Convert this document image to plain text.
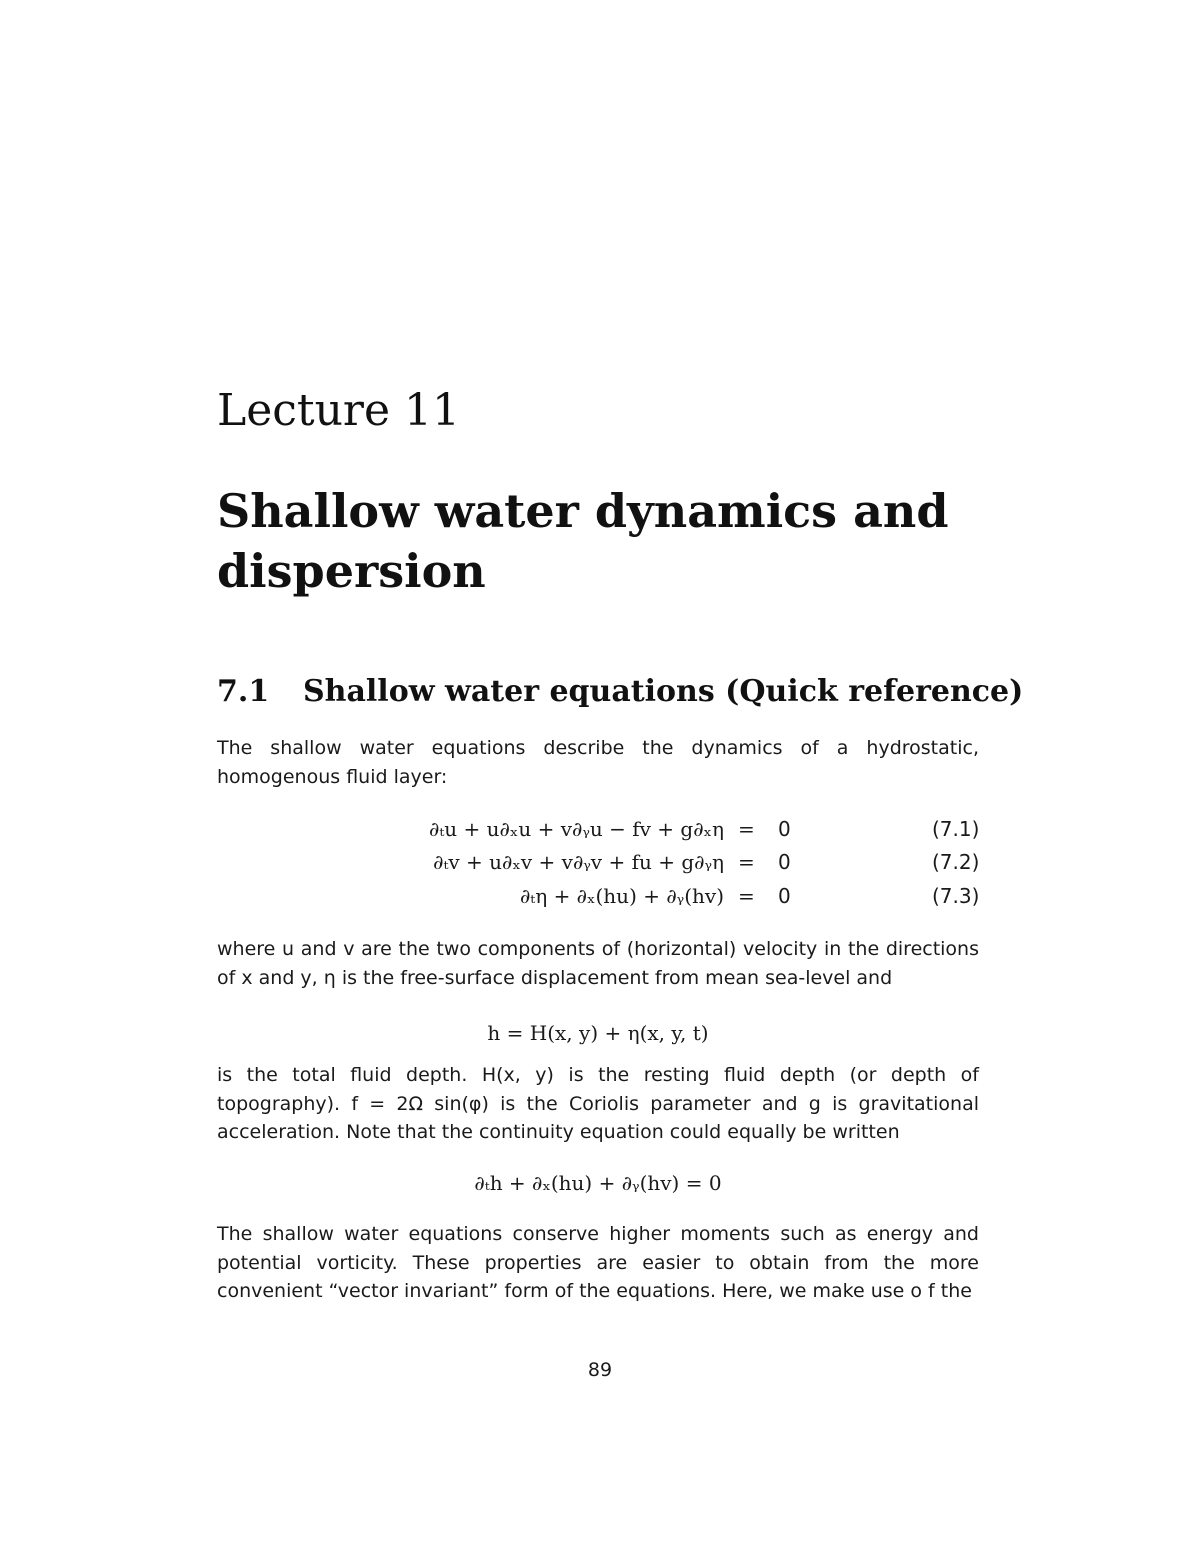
Lecture 11
Shallow water dynamics and dispersion
7.1 Shallow water equations (Quick reference)

The shallow water equations describe the dynamics of a hydrostatic, homogenous fluid layer:

∂ₜu + u∂ₓu + v∂ᵧu − fv + g∂ₓη = 0	(7.1)
∂ₜv + u∂ₓv + v∂ᵧv + fu + g∂ᵧη = 0	(7.2)
∂ₜη + ∂ₓ(hu) + ∂ᵧ(hv) = 0	(7.3)

where u and v are the two components of (horizontal) velocity in the directions of x and y, η is the free-surface displacement from mean sea-level and

h = H(x, y) + η(x, y, t)

is the total fluid depth. H(x, y) is the resting fluid depth (or depth of topography). f = 2Ω sin(φ) is the Coriolis parameter and g is gravitational acceleration. Note that the continuity equation could equally be written

∂ₜh + ∂ₓ(hu) + ∂ᵧ(hv) = 0

The shallow water equations conserve higher moments such as energy and potential vorticity. These properties are easier to obtain from the more convenient “vector invariant” form of the equations. Here, we make use o f the

89
